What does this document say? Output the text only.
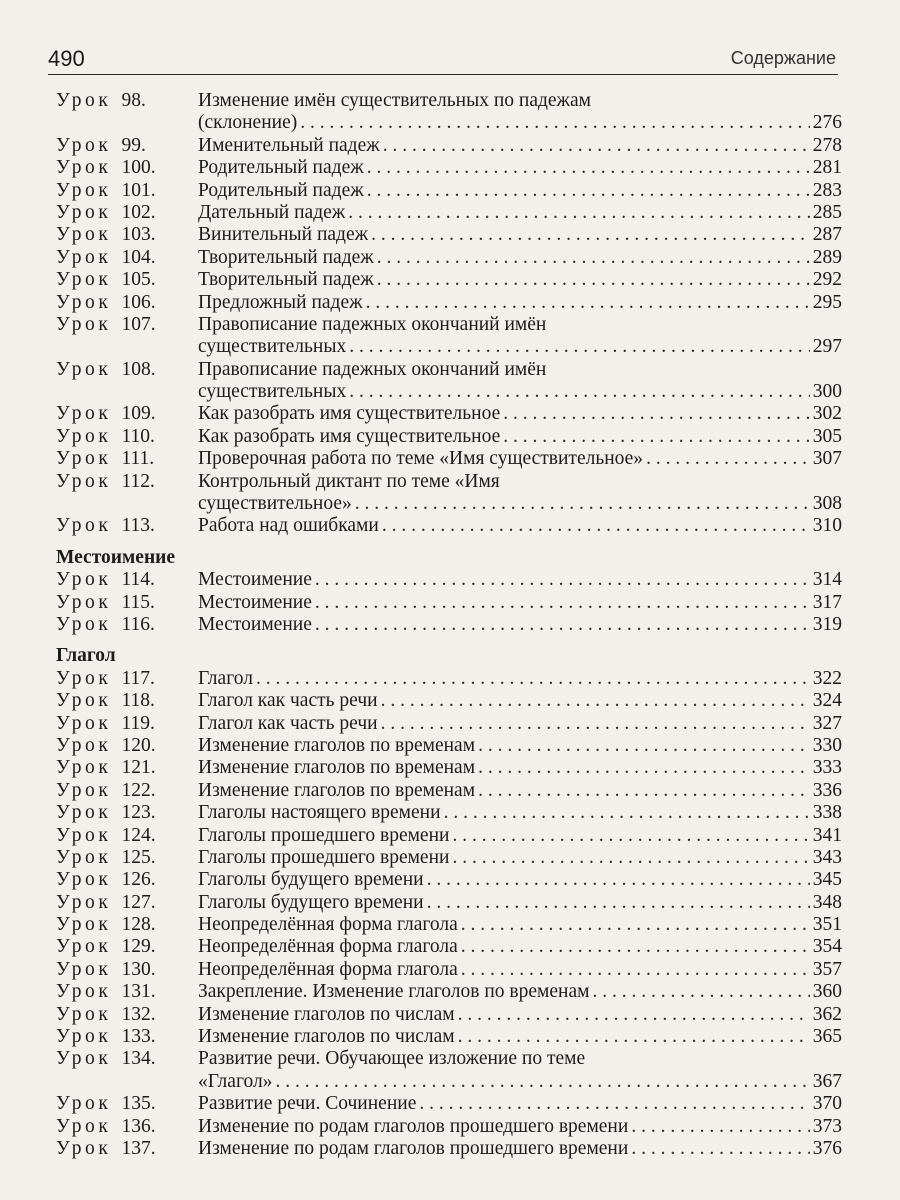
490	Содержание
Урок 98.	Изменение имён существительных по падежам
(склонение) . . .	276
Урок 99.	Именительный падеж . . .	278
Урок 100.	Родительный падеж . . .	281
Урок 101.	Родительный падеж . . .	283
Урок 102.	Дательный падеж . . .	285
Урок 103.	Винительный падеж . . .	287
Урок 104.	Творительный падеж . . .	289
Урок 105.	Творительный падеж . . .	292
Урок 106.	Предложный падеж . . .	295
Урок 107.	Правописание падежных окончаний имён
существительных . . .	297
Урок 108.	Правописание падежных окончаний имён
существительных . . .	300
Урок 109.	Как разобрать имя существительное . . .	302
Урок 110.	Как разобрать имя существительное . . .	305
Урок 111.	Проверочная работа по теме «Имя существительное» . . .	307
Урок 112.	Контрольный диктант по теме «Имя
существительное» . . .	308
Урок 113.	Работа над ошибками . . .	310
Местоимение
Урок 114.	Местоимение . . .	314
Урок 115.	Местоимение . . .	317
Урок 116.	Местоимение . . .	319
Глагол
Урок 117.	Глагол . . .	322
Урок 118.	Глагол как часть речи . . .	324
Урок 119.	Глагол как часть речи . . .	327
Урок 120.	Изменение глаголов по временам . . .	330
Урок 121.	Изменение глаголов по временам . . .	333
Урок 122.	Изменение глаголов по временам . . .	336
Урок 123.	Глаголы настоящего времени . . .	338
Урок 124.	Глаголы прошедшего времени . . .	341
Урок 125.	Глаголы прошедшего времени . . .	343
Урок 126.	Глаголы будущего времени . . .	345
Урок 127.	Глаголы будущего времени . . .	348
Урок 128.	Неопределённая форма глагола . . .	351
Урок 129.	Неопределённая форма глагола . . .	354
Урок 130.	Неопределённая форма глагола . . .	357
Урок 131.	Закрепление. Изменение глаголов по временам . . .	360
Урок 132.	Изменение глаголов по числам . . .	362
Урок 133.	Изменение глаголов по числам . . .	365
Урок 134.	Развитие речи. Обучающее изложение по теме
«Глагол» . . .	367
Урок 135.	Развитие речи. Сочинение . . .	370
Урок 136.	Изменение по родам глаголов прошедшего времени . . .	373
Урок 137.	Изменение по родам глаголов прошедшего времени . . .	376
